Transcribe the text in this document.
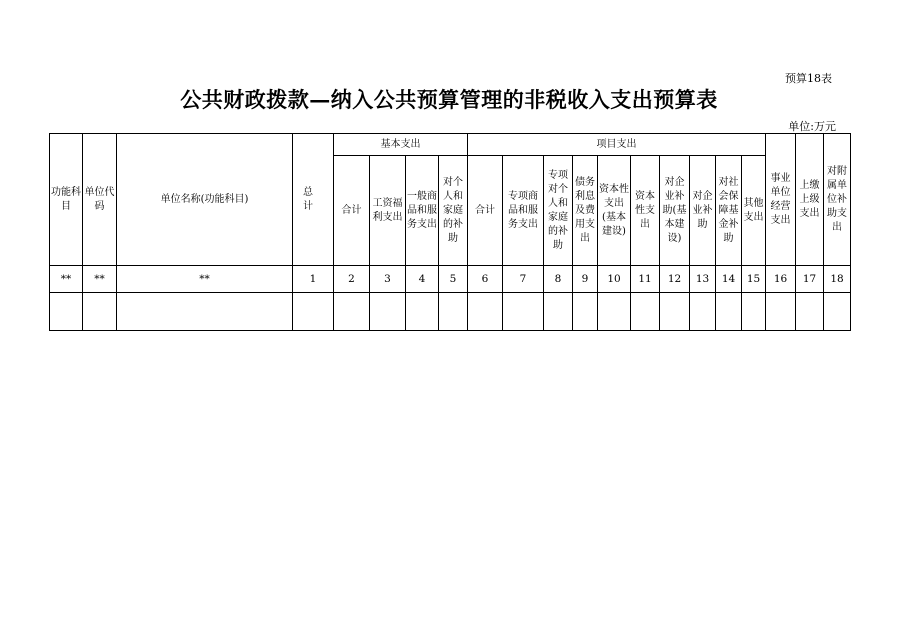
预算18表
公共财政拨款—纳入公共预算管理的非税收入支出预算表
单位:万元
功能科目	单位代码	单位名称(功能科目)	总计	基本支出				项目支出										事业单位经营支出	上缴上级支出	对附属单位补助支出
				合计	工资福利支出	一般商品和服务支出	对个人和家庭的补助	合计	专项商品和服务支出	专项对个人和家庭的补助	债务利息及费用支出	资本性支出(基本建设)	资本性支出	对企业补助(基本建设)	对企业补助	对社会保障基金补助	其他支出			
**	**	**	1	2	3	4	5	6	7	8	9	10	11	12	13	14	15	16	17	18
